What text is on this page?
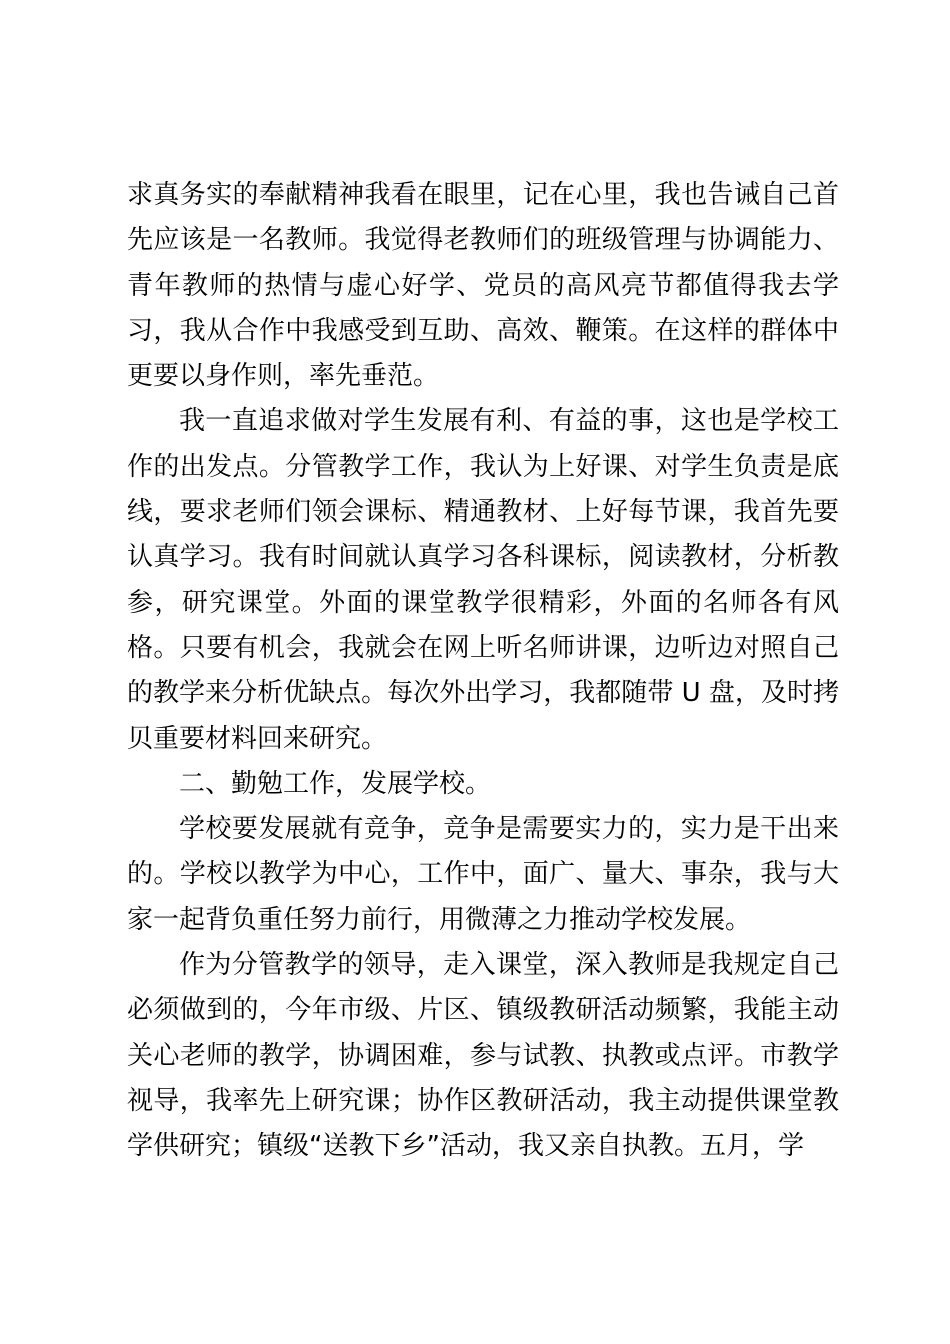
求真务实的奉献精神我看在眼里，记在心里，我也告诫自己首先应该是一名教师。我觉得老教师们的班级管理与协调能力、青年教师的热情与虚心好学、党员的高风亮节都值得我去学习，我从合作中我感受到互助、高效、鞭策。在这样的群体中更要以身作则，率先垂范。

我一直追求做对学生发展有利、有益的事，这也是学校工作的出发点。分管教学工作，我认为上好课、对学生负责是底线，要求老师们领会课标、精通教材、上好每节课，我首先要认真学习。我有时间就认真学习各科课标，阅读教材，分析教参，研究课堂。外面的课堂教学很精彩，外面的名师各有风格。只要有机会，我就会在网上听名师讲课，边听边对照自己的教学来分析优缺点。每次外出学习，我都随带 U 盘，及时拷贝重要材料回来研究。

二、勤勉工作，发展学校。

学校要发展就有竞争，竞争是需要实力的，实力是干出来的。学校以教学为中心，工作中，面广、量大、事杂，我与大家一起背负重任努力前行，用微薄之力推动学校发展。

作为分管教学的领导，走入课堂，深入教师是我规定自己必须做到的，今年市级、片区、镇级教研活动频繁，我能主动关心老师的教学，协调困难，参与试教、执教或点评。市教学视导，我率先上研究课；协作区教研活动，我主动提供课堂教学供研究；镇级“送教下乡”活动，我又亲自执教。五月，学
